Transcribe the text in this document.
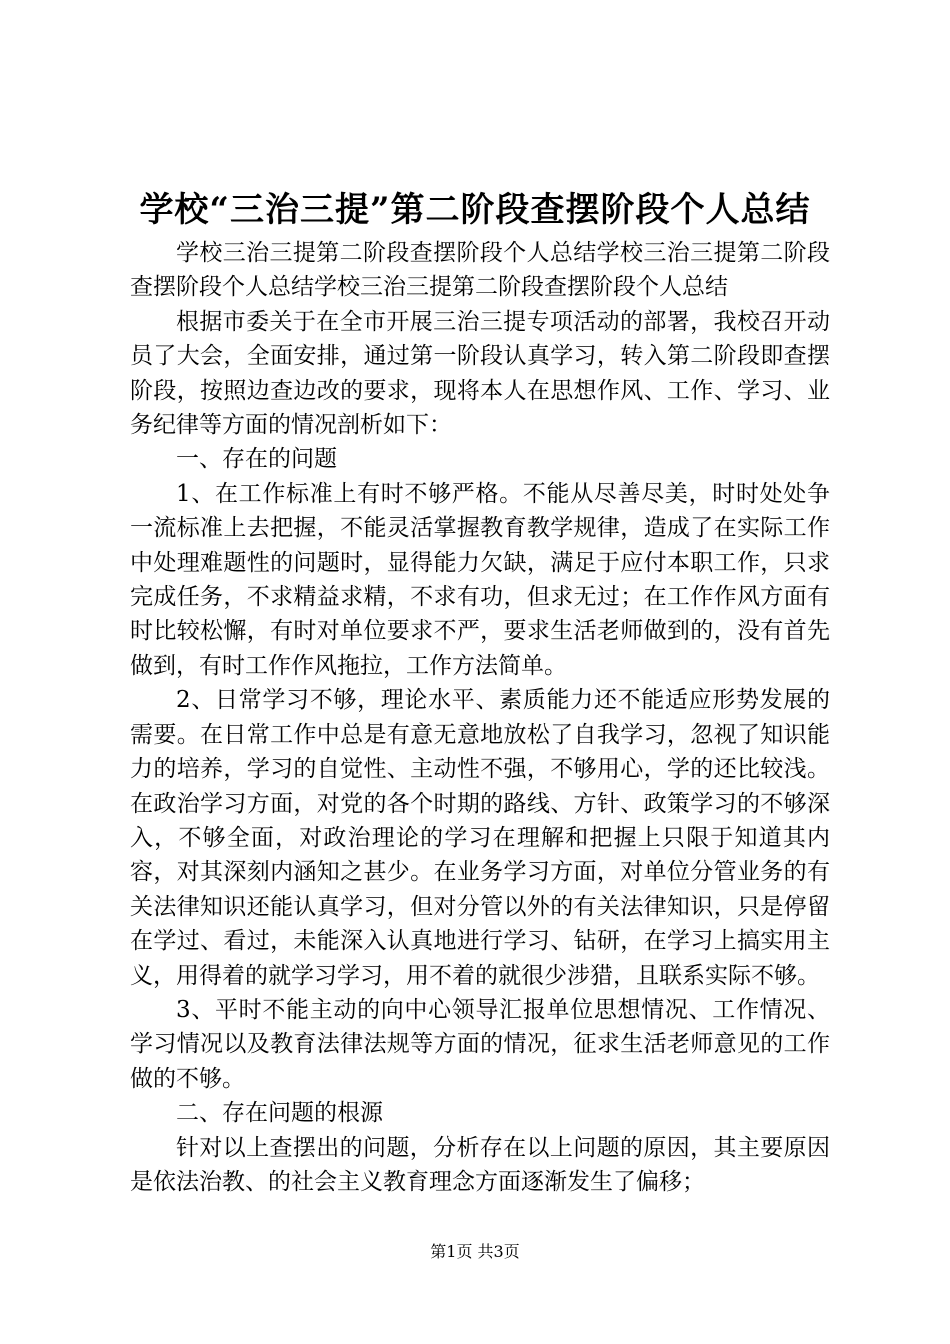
学校“三治三提”第二阶段查摆阶段个人总结

学校三治三提第二阶段查摆阶段个人总结学校三治三提第二阶段查摆阶段个人总结学校三治三提第二阶段查摆阶段个人总结

根据市委关于在全市开展三治三提专项活动的部署，我校召开动员了大会，全面安排，通过第一阶段认真学习，转入第二阶段即查摆阶段，按照边查边改的要求，现将本人在思想作风、工作、学习、业务纪律等方面的情况剖析如下：

一、存在的问题

1、在工作标准上有时不够严格。不能从尽善尽美，时时处处争一流标准上去把握，不能灵活掌握教育教学规律，造成了在实际工作中处理难题性的问题时，显得能力欠缺，满足于应付本职工作，只求完成任务，不求精益求精，不求有功，但求无过；在工作作风方面有时比较松懈，有时对单位要求不严，要求生活老师做到的，没有首先做到，有时工作作风拖拉，工作方法简单。

2、日常学习不够，理论水平、素质能力还不能适应形势发展的需要。在日常工作中总是有意无意地放松了自我学习，忽视了知识能力的培养，学习的自觉性、主动性不强，不够用心，学的还比较浅。在政治学习方面，对党的各个时期的路线、方针、政策学习的不够深入，不够全面，对政治理论的学习在理解和把握上只限于知道其内容，对其深刻内涵知之甚少。在业务学习方面，对单位分管业务的有关法律知识还能认真学习，但对分管以外的有关法律知识，只是停留在学过、看过，未能深入认真地进行学习、钻研，在学习上搞实用主义，用得着的就学习学习，用不着的就很少涉猎，且联系实际不够。

3、平时不能主动的向中心领导汇报单位思想情况、工作情况、学习情况以及教育法律法规等方面的情况，征求生活老师意见的工作做的不够。

二、存在问题的根源

针对以上查摆出的问题，分析存在以上问题的原因，其主要原因是依法治教、的社会主义教育理念方面逐渐发生了偏移；

第1页 共3页
